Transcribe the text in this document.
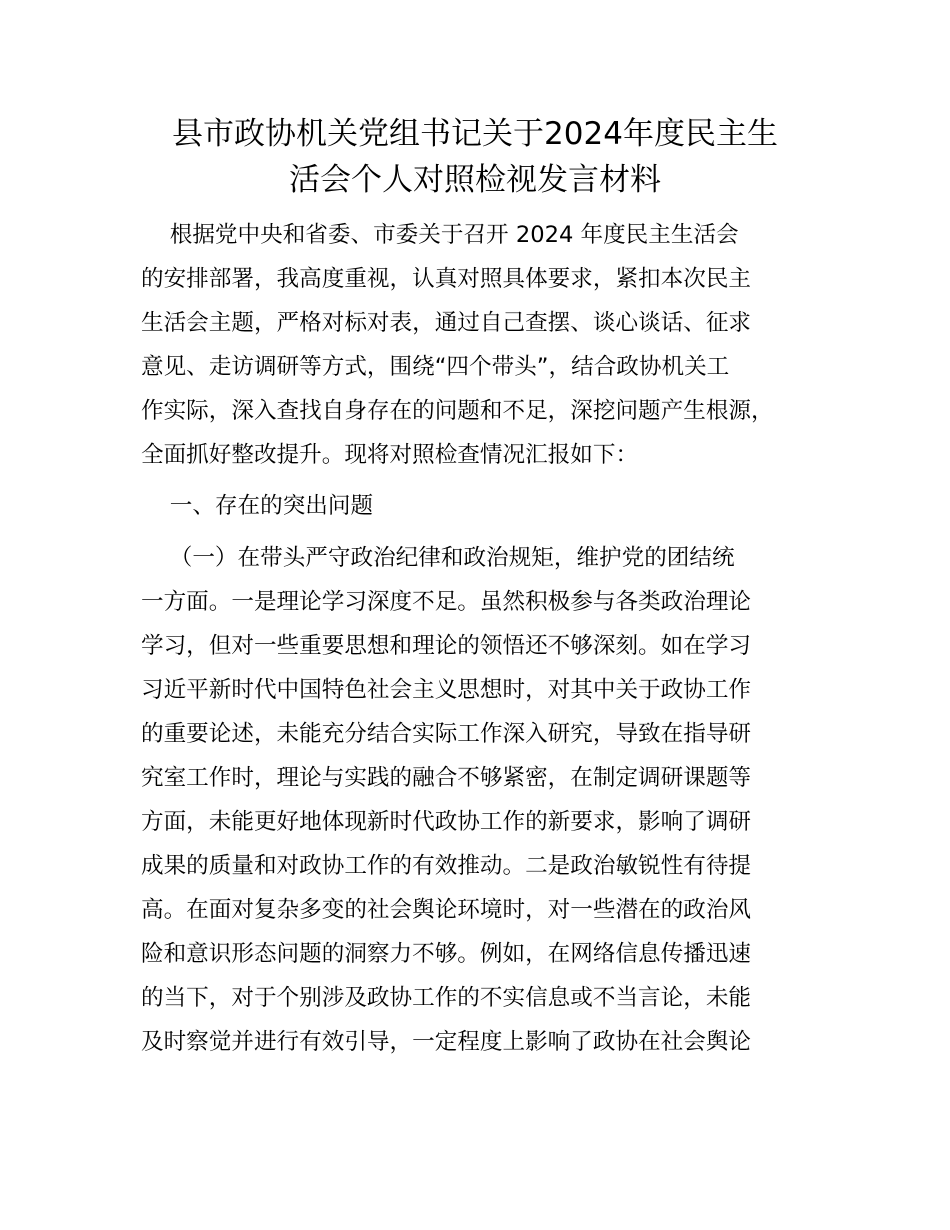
县市政协机关党组书记关于2024年度民主生
活会个人对照检视发言材料

根据党中央和省委、市委关于召开 2024 年度民主生活会

的安排部署，我高度重视，认真对照具体要求，紧扣本次民主

生活会主题，严格对标对表，通过自己查摆、谈心谈话、征求

意见、走访调研等方式，围绕“四个带头”，结合政协机关工

作实际，深入查找自身存在的问题和不足，深挖问题产生根源，

全面抓好整改提升。现将对照检查情况汇报如下：

一、存在的突出问题

（一）在带头严守政治纪律和政治规矩，维护党的团结统

一方面。一是理论学习深度不足。虽然积极参与各类政治理论

学习，但对一些重要思想和理论的领悟还不够深刻。如在学习

习近平新时代中国特色社会主义思想时，对其中关于政协工作

的重要论述，未能充分结合实际工作深入研究，导致在指导研

究室工作时，理论与实践的融合不够紧密，在制定调研课题等

方面，未能更好地体现新时代政协工作的新要求，影响了调研

成果的质量和对政协工作的有效推动。二是政治敏锐性有待提

高。在面对复杂多变的社会舆论环境时，对一些潜在的政治风

险和意识形态问题的洞察力不够。例如，在网络信息传播迅速

的当下，对于个别涉及政协工作的不实信息或不当言论，未能

及时察觉并进行有效引导，一定程度上影响了政协在社会舆论
